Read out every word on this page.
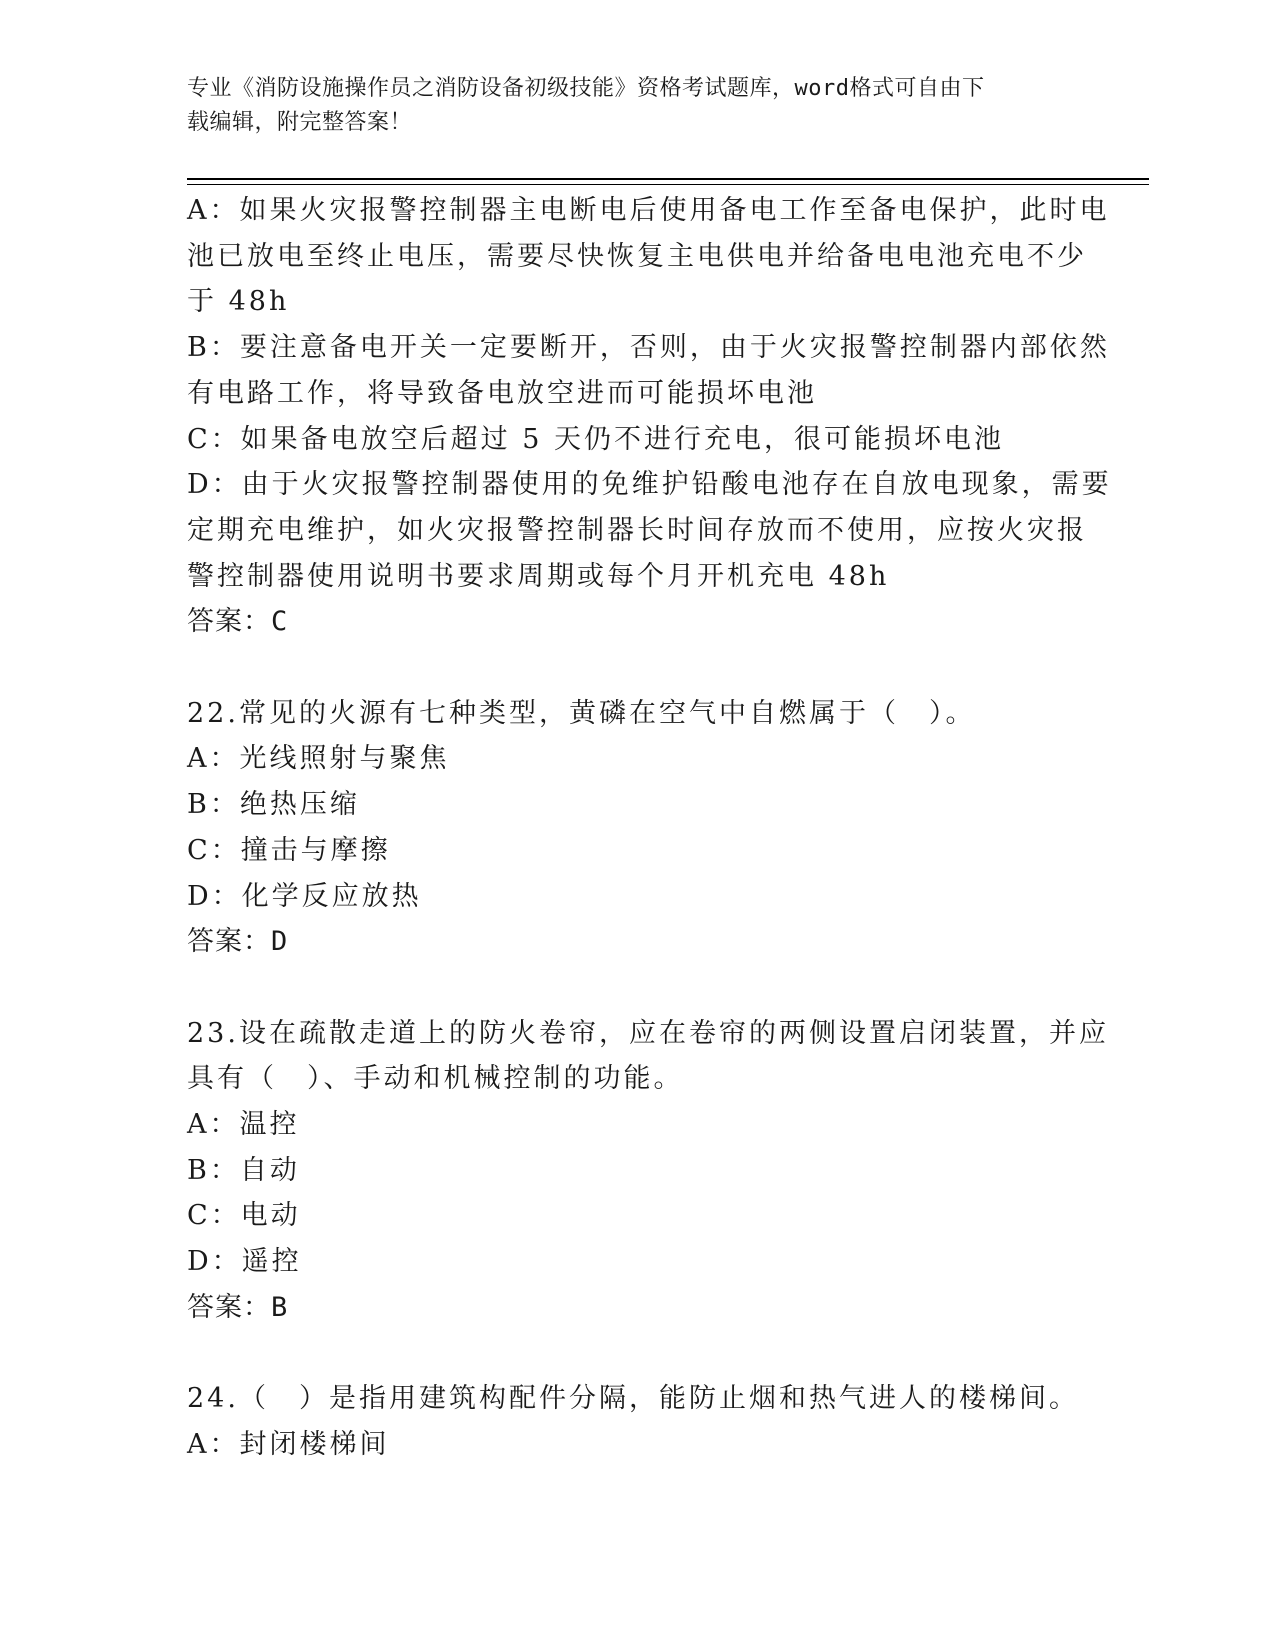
专业《消防设施操作员之消防设备初级技能》资格考试题库，word格式可自由下
载编辑，附完整答案！
A：如果火灾报警控制器主电断电后使用备电工作至备电保护，此时电
池已放电至终止电压，需要尽快恢复主电供电并给备电电池充电不少
于 48h
B：要注意备电开关一定要断开，否则，由于火灾报警控制器内部依然
有电路工作，将导致备电放空进而可能损坏电池
C：如果备电放空后超过 5 天仍不进行充电，很可能损坏电池
D：由于火灾报警控制器使用的免维护铅酸电池存在自放电现象，需要
定期充电维护，如火灾报警控制器长时间存放而不使用，应按火灾报
警控制器使用说明书要求周期或每个月开机充电 48h
答案：C
22.常见的火源有七种类型，黄磷在空气中自燃属于（　）。
A：光线照射与聚焦
B：绝热压缩
C：撞击与摩擦
D：化学反应放热
答案：D
23.设在疏散走道上的防火卷帘，应在卷帘的两侧设置启闭装置，并应
具有（　）、手动和机械控制的功能。
A：温控
B：自动
C：电动
D：遥控
答案：B
24.（　）是指用建筑构配件分隔，能防止烟和热气进人的楼梯间。
A：封闭楼梯间
